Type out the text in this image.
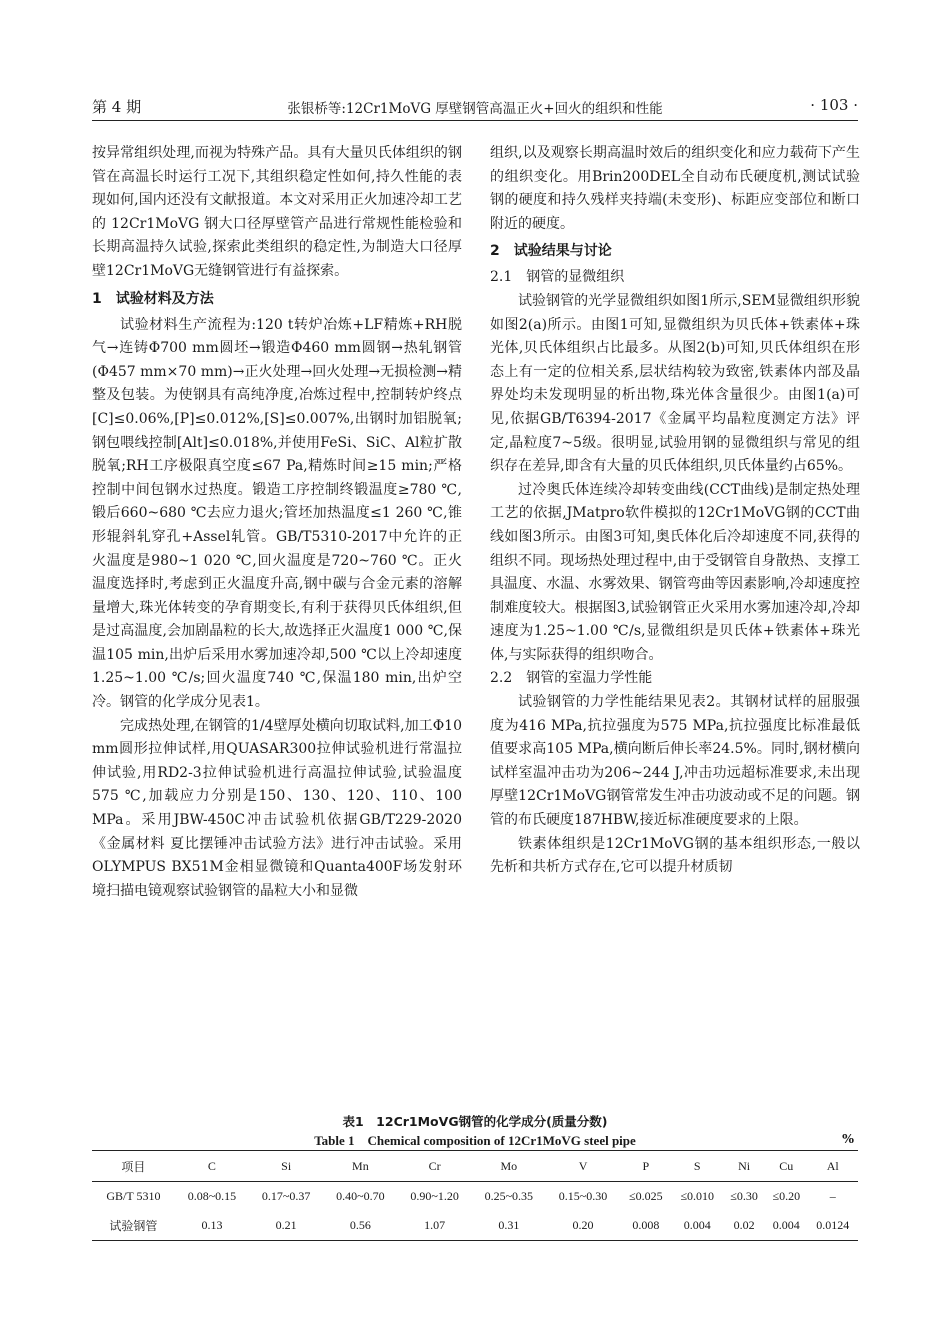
第 4 期	张银桥等:12Cr1MoVG 厚壁钢管高温正火+回火的组织和性能	· 103 ·

按异常组织处理,而视为特殊产品。具有大量贝氏体组织的钢管在高温长时运行工况下,其组织稳定性如何,持久性能的表现如何,国内还没有文献报道。本文对采用正火加速冷却工艺的 12Cr1MoVG 钢大口径厚壁管产品进行常规性能检验和长期高温持久试验,探索此类组织的稳定性,为制造大口径厚壁12Cr1MoVG无缝钢管进行有益探索。

1　试验材料及方法

试验材料生产流程为:120 t转炉冶炼+LF精炼+RH脱气→连铸Φ700 mm圆坯→锻造Φ460 mm圆钢→热轧钢管(Φ457 mm×70 mm)→正火处理→回火处理→无损检测→精整及包装。为使钢具有高纯净度,冶炼过程中,控制转炉终点[C]≤0.06%,[P]≤0.012%,[S]≤0.007%,出钢时加铝脱氧;钢包喂线控制[Alt]≤0.018%,并使用FeSi、SiC、Al粒扩散脱氧;RH工序极限真空度≤67 Pa,精炼时间≥15 min;严格控制中间包钢水过热度。锻造工序控制终锻温度≥780 ℃,锻后660~680 ℃去应力退火;管坯加热温度≤1 260 ℃,锥形辊斜轧穿孔+Assel轧管。GB/T5310-2017中允许的正火温度是980~1 020 ℃,回火温度是720~760 ℃。正火温度选择时,考虑到正火温度升高,钢中碳与合金元素的溶解量增大,珠光体转变的孕育期变长,有利于获得贝氏体组织,但是过高温度,会加剧晶粒的长大,故选择正火温度1 000 ℃,保温105 min,出炉后采用水雾加速冷却,500 ℃以上冷却速度1.25~1.00 ℃/s;回火温度740 ℃,保温180 min,出炉空冷。钢管的化学成分见表1。

完成热处理,在钢管的1/4壁厚处横向切取试料,加工Φ10 mm圆形拉伸试样,用QUASAR300拉伸试验机进行常温拉伸试验,用RD2-3拉伸试验机进行高温拉伸试验,试验温度575 ℃,加载应力分别是150、130、120、110、100 MPa。采用JBW-450C冲击试验机依据GB/T229-2020《金属材料 夏比摆锤冲击试验方法》进行冲击试验。采用OLYMPUS BX51M金相显微镜和Quanta400F场发射环境扫描电镜观察试验钢管的晶粒大小和显微

组织,以及观察长期高温时效后的组织变化和应力载荷下产生的组织变化。用Brin200DEL全自动布氏硬度机,测试试验钢的硬度和持久残样夹持端(未变形)、标距应变部位和断口附近的硬度。

2　试验结果与讨论
2.1　钢管的显微组织

试验钢管的光学显微组织如图1所示,SEM显微组织形貌如图2(a)所示。由图1可知,显微组织为贝氏体+铁素体+珠光体,贝氏体组织占比最多。从图2(b)可知,贝氏体组织在形态上有一定的位相关系,层状结构较为致密,铁素体内部及晶界处均未发现明显的析出物,珠光体含量很少。由图1(a)可见,依据GB/T6394-2017《金属平均晶粒度测定方法》评定,晶粒度7~5级。很明显,试验用钢的显微组织与常见的组织存在差异,即含有大量的贝氏体组织,贝氏体量约占65%。

过冷奥氏体连续冷却转变曲线(CCT曲线)是制定热处理工艺的依据,JMatpro软件模拟的12Cr1MoVG钢的CCT曲线如图3所示。由图3可知,奥氏体化后冷却速度不同,获得的组织不同。现场热处理过程中,由于受钢管自身散热、支撑工具温度、水温、水雾效果、钢管弯曲等因素影响,冷却速度控制难度较大。根据图3,试验钢管正火采用水雾加速冷却,冷却速度为1.25~1.00 ℃/s,显微组织是贝氏体+铁素体+珠光体,与实际获得的组织吻合。

2.2　钢管的室温力学性能

试验钢管的力学性能结果见表2。其钢材试样的屈服强度为416 MPa,抗拉强度为575 MPa,抗拉强度比标准最低值要求高105 MPa,横向断后伸长率24.5%。同时,钢材横向试样室温冲击功为206~244 J,冲击功远超标准要求,未出现厚壁12Cr1MoVG钢管常发生冲击功波动或不足的问题。钢管的布氏硬度187HBW,接近标准硬度要求的上限。

铁素体组织是12Cr1MoVG钢的基本组织形态,一般以先析和共析方式存在,它可以提升材质韧

表1　12Cr1MoVG钢管的化学成分(质量分数)
Table 1　Chemical composition of 12Cr1MoVG steel pipe	%
项目	C	Si	Mn	Cr	Mo	V	P	S	Ni	Cu	Al
GB/T 5310	0.08~0.15	0.17~0.37	0.40~0.70	0.90~1.20	0.25~0.35	0.15~0.30	≤0.025	≤0.010	≤0.30	≤0.20	–
试验钢管	0.13	0.21	0.56	1.07	0.31	0.20	0.008	0.004	0.02	0.004	0.0124
